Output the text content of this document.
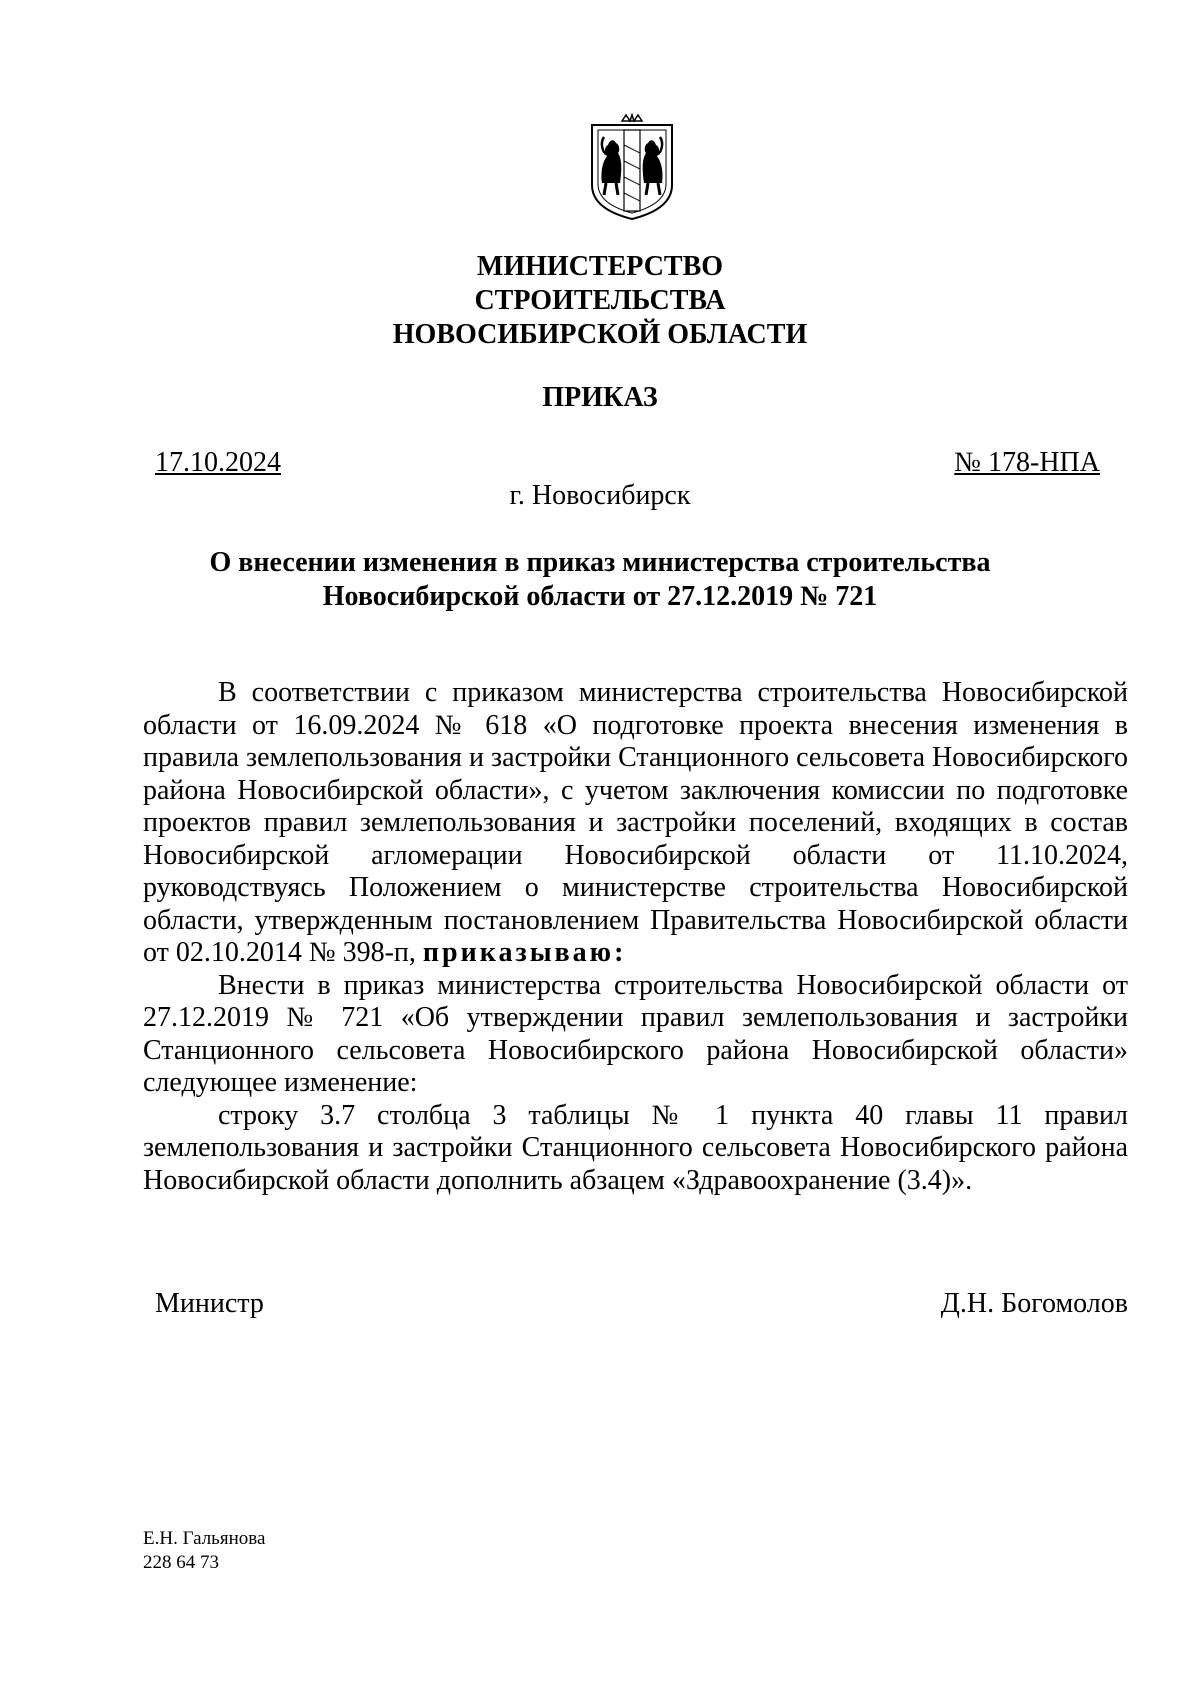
МИНИСТЕРСТВО
СТРОИТЕЛЬСТВА
НОВОСИБИРСКОЙ ОБЛАСТИ
ПРИКАЗ
17.10.2024	№ 178-НПА
г. Новосибирск
О внесении изменения в приказ министерства строительства
Новосибирской области от 27.12.2019 № 721

В соответствии с приказом министерства строительства Новосибирской области от 16.09.2024 № 618 «О подготовке проекта внесения изменения в правила землепользования и застройки Станционного сельсовета Новосибирского района Новосибирской области», с учетом заключения комиссии по подготовке проектов правил землепользования и застройки поселений, входящих в состав Новосибирской агломерации Новосибирской области от 11.10.2024, руководствуясь Положением о министерстве строительства Новосибирской области, утвержденным постановлением Правительства Новосибирской области от 02.10.2014 № 398-п, приказываю:

Внести в приказ министерства строительства Новосибирской области от 27.12.2019 № 721 «Об утверждении правил землепользования и застройки Станционного сельсовета Новосибирского района Новосибирской области» следующее изменение:

строку 3.7 столбца 3 таблицы № 1 пункта 40 главы 11 правил землепользования и застройки Станционного сельсовета Новосибирского района Новосибирской области дополнить абзацем «Здравоохранение (3.4)».

Министр	Д.Н. Богомолов
Е.Н. Гальянова
228 64 73
